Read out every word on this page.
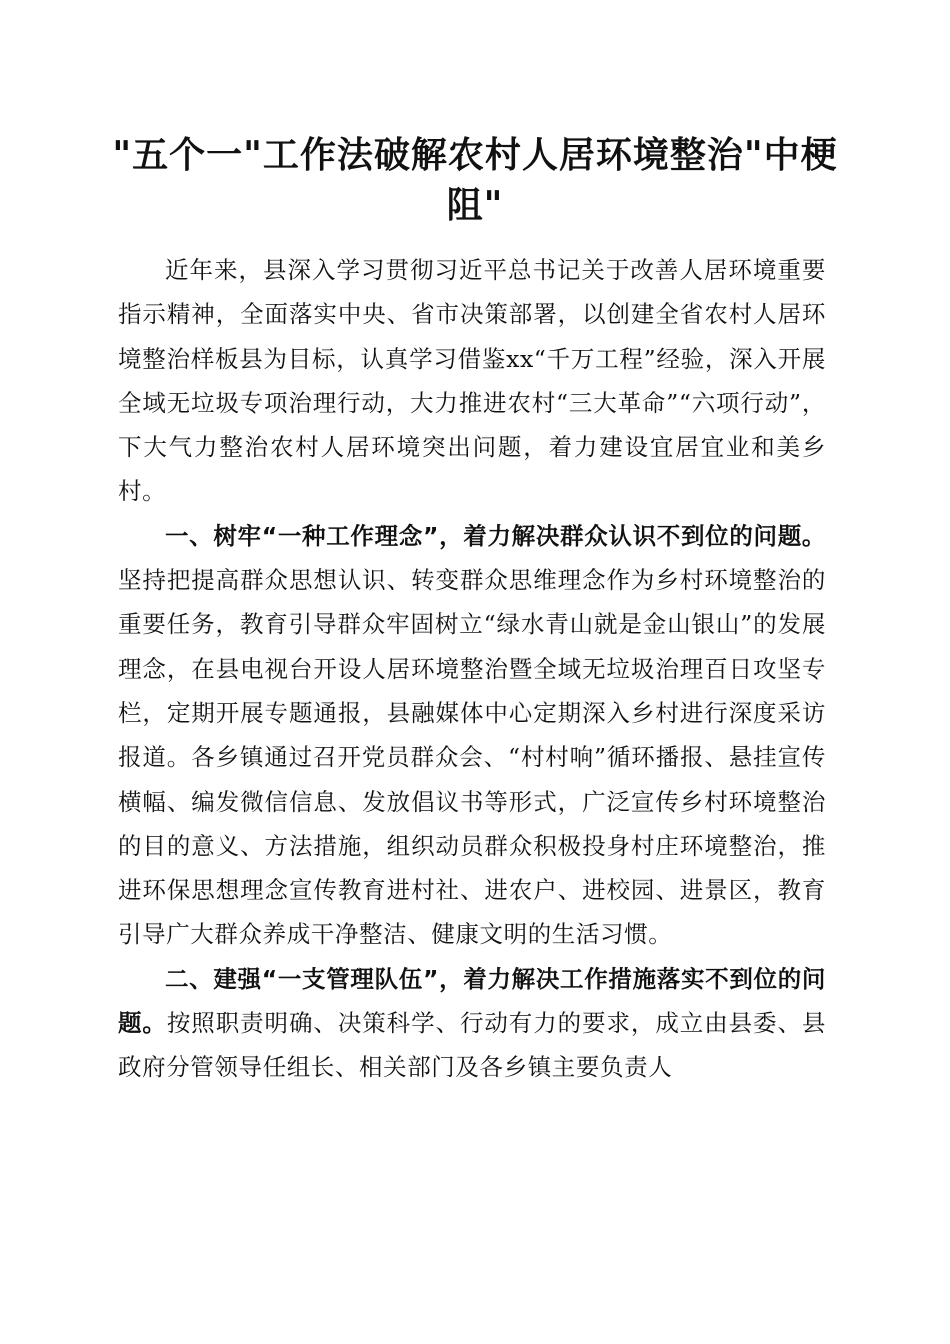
"五个一"工作法破解农村人居环境整治"中梗阻"

近年来，县深入学习贯彻习近平总书记关于改善人居环境重要指示精神，全面落实中央、省市决策部署，以创建全省农村人居环境整治样板县为目标，认真学习借鉴xx“千万工程”经验，深入开展全域无垃圾专项治理行动，大力推进农村“三大革命”“六项行动”，下大气力整治农村人居环境突出问题，着力建设宜居宜业和美乡村。

一、树牢“一种工作理念”，着力解决群众认识不到位的问题。坚持把提高群众思想认识、转变群众思维理念作为乡村环境整治的重要任务，教育引导群众牢固树立“绿水青山就是金山银山”的发展理念，在县电视台开设人居环境整治暨全域无垃圾治理百日攻坚专栏，定期开展专题通报，县融媒体中心定期深入乡村进行深度采访报道。各乡镇通过召开党员群众会、“村村响”循环播报、悬挂宣传横幅、编发微信信息、发放倡议书等形式，广泛宣传乡村环境整治的目的意义、方法措施，组织动员群众积极投身村庄环境整治，推进环保思想理念宣传教育进村社、进农户、进校园、进景区，教育引导广大群众养成干净整洁、健康文明的生活习惯。

二、建强“一支管理队伍”，着力解决工作措施落实不到位的问题。按照职责明确、决策科学、行动有力的要求，成立由县委、县政府分管领导任组长、相关部门及各乡镇主要负责人
